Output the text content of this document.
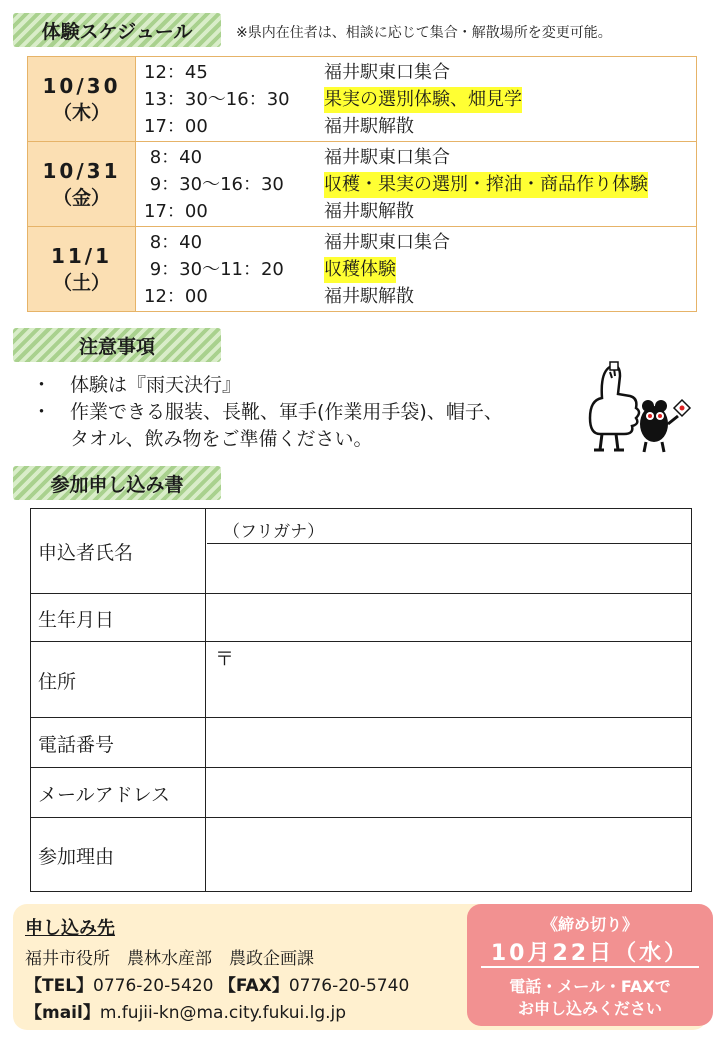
体験スケジュール	※県内在住者は、相談に応じて集合・解散場所を変更可能。
10/30
（木）
12：45	福井駅東口集合
13：30〜16：30 果実の選別体験、畑見学
17：00	福井駅解散
10/31
（金）
8：40	福井駅東口集合
9：30〜16：30 収穫・果実の選別・搾油・商品作り体験
17：00	福井駅解散
11/1
（土）
8：40	福井駅東口集合
9：30〜11：20 収穫体験
12：00	福井駅解散
注意事項
・ 体験は『雨天決行』
・ 作業できる服装、長靴、軍手(作業用手袋)、帽子、
タオル、飲み物をご準備ください。
参加申し込み書
申込者氏名
（フリガナ）
生年月日
住所
〒
電話番号
メールアドレス
参加理由
申し込み先
福井市役所　農林水産部　農政企画課
【TEL】0776-20-5420 【FAX】0776-20-5740
【mail】m.fujii-kn@ma.city.fukui.lg.jp
《締め切り》
10月22日（水）
電話・メール・FAXで
お申し込みください
